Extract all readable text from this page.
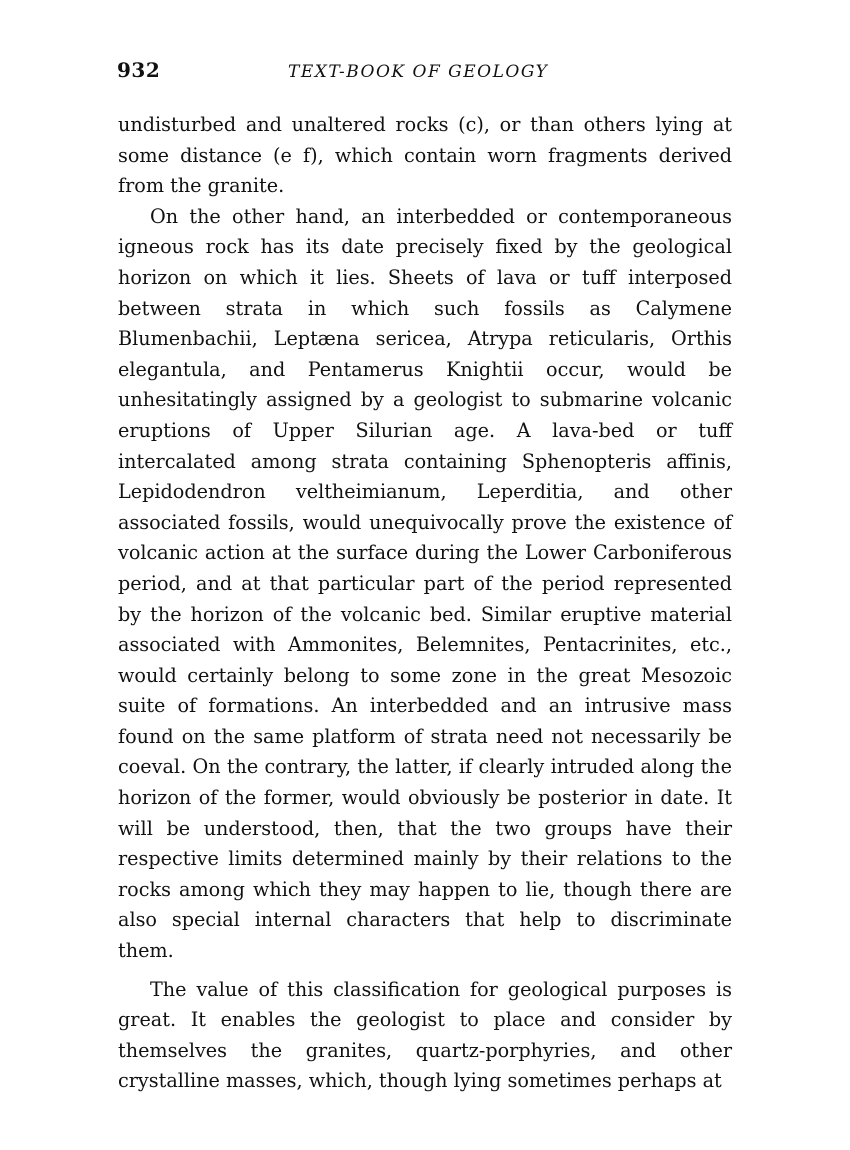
932	TEXT-BOOK OF GEOLOGY

undisturbed and unaltered rocks (c), or than others lying at some distance (e f), which contain worn fragments derived from the granite.

On the other hand, an interbedded or contemporaneous igneous rock has its date precisely fixed by the geological horizon on which it lies. Sheets of lava or tuff interposed between strata in which such fossils as Calymene Blumenbachii, Leptæna sericea, Atrypa reticularis, Orthis elegantula, and Pentamerus Knightii occur, would be unhesitatingly assigned by a geologist to submarine volcanic eruptions of Upper Silurian age. A lava-bed or tuff intercalated among strata containing Sphenopteris affinis, Lepidodendron veltheimianum, Leperditia, and other associated fossils, would unequivocally prove the existence of volcanic action at the surface during the Lower Carboniferous period, and at that particular part of the period represented by the horizon of the volcanic bed. Similar eruptive material associated with Ammonites, Belemnites, Pentacrinites, etc., would certainly belong to some zone in the great Mesozoic suite of formations. An interbedded and an intrusive mass found on the same platform of strata need not necessarily be coeval. On the contrary, the latter, if clearly intruded along the horizon of the former, would obviously be posterior in date. It will be understood, then, that the two groups have their respective limits determined mainly by their relations to the rocks among which they may happen to lie, though there are also special internal characters that help to discriminate them.

The value of this classification for geological purposes is great. It enables the geologist to place and consider by themselves the granites, quartz-porphyries, and other crystalline masses, which, though lying sometimes perhaps at
